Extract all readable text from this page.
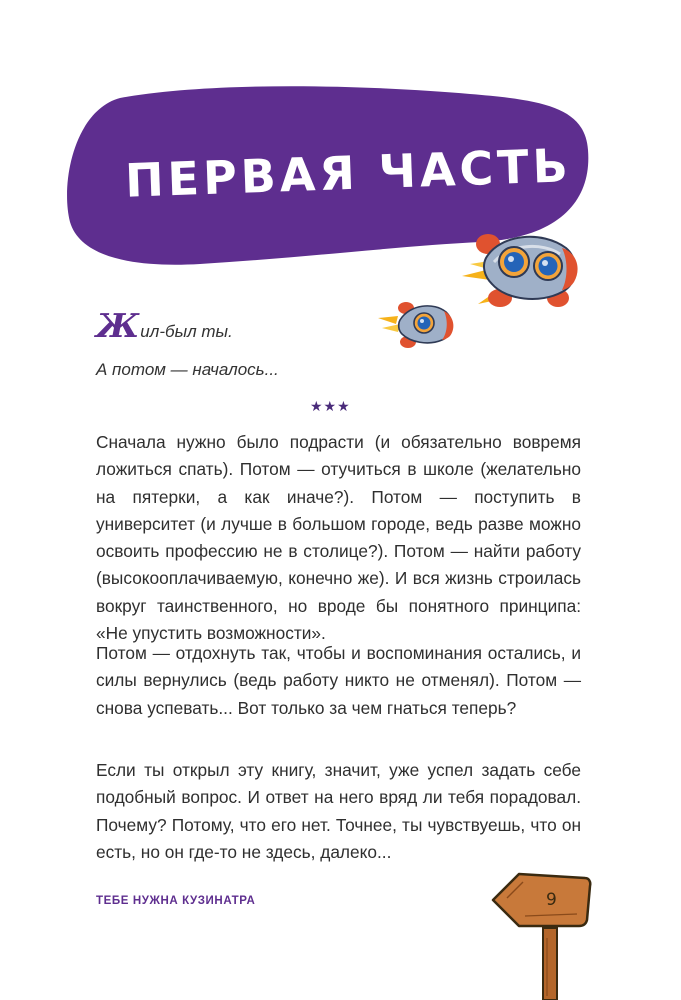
ПЕРВАЯ ЧАСТЬ
Жил-был ты.
А потом — началось...
★★★

Сначала нужно было подрасти (и обязательно вовремя ложиться спать). Потом — отучиться в школе (желательно на пятерки, а как иначе?). Потом — поступить в университет (и лучше в большом городе, ведь разве можно освоить профессию не в столице?). Потом — найти работу (высокооплачиваемую, конечно же). И вся жизнь строилась вокруг таинственного, но вроде бы понятного принципа: «Не упустить возможности».

Потом — отдохнуть так, чтобы и воспоминания остались, и силы вернулись (ведь работу никто не отменял). Потом — снова успевать... Вот только за чем гнаться теперь?

Если ты открыл эту книгу, значит, уже успел задать себе подобный вопрос. И ответ на него вряд ли тебя порадовал. Почему? Потому, что его нет. Точнее, ты чувствуешь, что он есть, но он где-то не здесь, далеко...

ТЕБЕ НУЖНА КУЗИНАТРА	9
